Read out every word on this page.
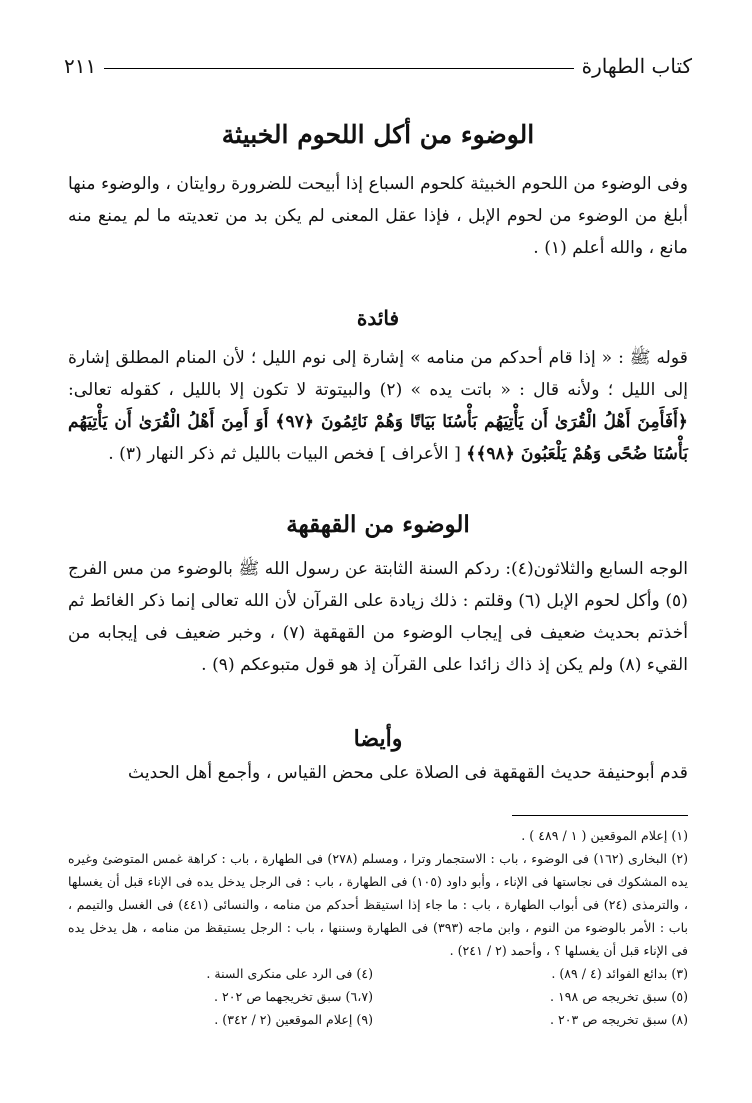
كتاب الطهارة
٢١١
الوضوء من أكل اللحوم الخبيثة

وفى الوضوء من اللحوم الخبيثة كلحوم السباع إذا أبيحت للضرورة روايتان ، والوضوء منها أبلغ من الوضوء من لحوم الإبل ، فإذا عقل المعنى لم يكن بد من تعديته ما لم يمنع منه مانع ، والله أعلم (١) .

فائدة

قوله ﷺ : « إذا قام أحدكم من منامه » إشارة إلى نوم الليل ؛ لأن المنام المطلق إشارة إلى الليل ؛ ولأنه قال : « باتت يده » (٢) والبيتوتة لا تكون إلا بالليل ، كقوله تعالى: ﴿أَفَأَمِنَ أَهْلُ الْقُرَىٰ أَن يَأْتِيَهُم بَأْسُنَا بَيَاتًا وَهُمْ نَائِمُونَ ﴿٩٧﴾ أَوَ أَمِنَ أَهْلُ الْقُرَىٰ أَن يَأْتِيَهُم بَأْسُنَا ضُحًى وَهُمْ يَلْعَبُونَ ﴿٩٨﴾﴾ [ الأعراف ] فخص البيات بالليل ثم ذكر النهار (٣) .

الوضوء من القهقهة

الوجه السابع والثلاثون(٤): ردكم السنة الثابتة عن رسول الله ﷺ بالوضوء من مس الفرج (٥) وأكل لحوم الإبل (٦) وقلتم : ذلك زيادة على القرآن لأن الله تعالى إنما ذكر الغائط ثم أخذتم بحديث ضعيف فى إيجاب الوضوء من القهقهة (٧) ، وخبر ضعيف فى إيجابه من القيء (٨) ولم يكن إذ ذاك زائدا على القرآن إذ هو قول متبوعكم (٩) .

وأيضا

قدم أبوحنيفة حديث القهقهة فى الصلاة على محض القياس ، وأجمع أهل الحديث

(١) إعلام الموقعين ( ١ / ٤٨٩ ) .

(٢) البخارى (١٦٢) فى الوضوء ، باب : الاستجمار وترا ، ومسلم (٢٧٨) فى الطهارة ، باب : كراهة غمس المتوضئ وغيره يده المشكوك فى نجاستها فى الإناء ، وأبو داود (١٠٥) فى الطهارة ، باب : فى الرجل يدخل يده فى الإناء قبل أن يغسلها ، والترمذى (٢٤) فى أبواب الطهارة ، باب : ما جاء إذا استيقظ أحدكم من منامه ، والنسائى (٤٤١) فى الغسل والتيمم ، باب : الأمر بالوضوء من النوم ، وابن ماجه (٣٩٣) فى الطهارة وسننها ، باب : الرجل يستيقظ من منامه ، هل يدخل يده فى الإناء قبل أن يغسلها ؟ ، وأحمد (٢ / ٢٤١) .

(٣) بدائع الفوائد (٤ / ٨٩) .
(٤) فى الرد على منكرى السنة .
(٥) سبق تخريجه ص ١٩٨ .
(٦،٧) سبق تخريجهما ص ٢٠٢ .
(٨) سبق تخريجه ص ٢٠٣ .
(٩) إعلام الموقعين (٢ / ٣٤٢) .
